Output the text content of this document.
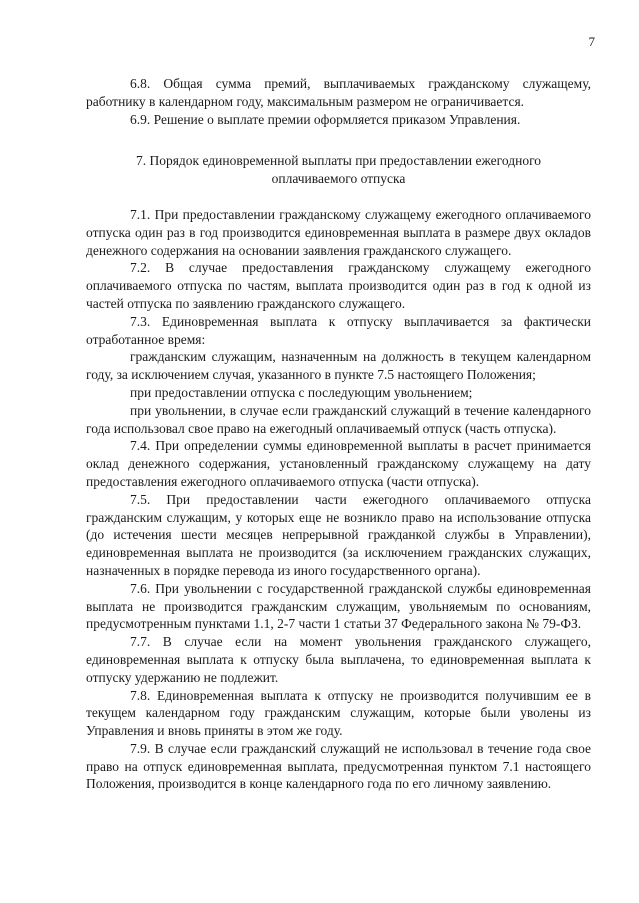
7

6.8. Общая сумма премий, выплачиваемых гражданскому служащему, работнику в календарном году, максимальным размером не ограничивается.

6.9. Решение о выплате премии оформляется приказом Управления.

7. Порядок единовременной выплаты при предоставлении ежегодного
оплачиваемого отпуска

7.1. При предоставлении гражданскому служащему ежегодного оплачиваемого отпуска один раз в год производится единовременная выплата в размере двух окладов денежного содержания на основании заявления гражданского служащего.

7.2. В случае предоставления гражданскому служащему ежегодного оплачиваемого отпуска по частям, выплата производится один раз в год к одной из частей отпуска по заявлению гражданского служащего.

7.3. Единовременная выплата к отпуску выплачивается за фактически отработанное время:

гражданским служащим, назначенным на должность в текущем календарном году, за исключением случая, указанного в пункте 7.5 настоящего Положения;

при предоставлении отпуска с последующим увольнением;

при увольнении, в случае если гражданский служащий в течение календарного года использовал свое право на ежегодный оплачиваемый отпуск (часть отпуска).

7.4. При определении суммы единовременной выплаты в расчет принимается оклад денежного содержания, установленный гражданскому служащему на дату предоставления ежегодного оплачиваемого отпуска (части отпуска).

7.5. При предоставлении части ежегодного оплачиваемого отпуска гражданским служащим, у которых еще не возникло право на использование отпуска (до истечения шести месяцев непрерывной гражданкой службы в Управлении), единовременная выплата не производится (за исключением гражданских служащих, назначенных в порядке перевода из иного государственного органа).

7.6. При увольнении с государственной гражданской службы единовременная выплата не производится гражданским служащим, увольняемым по основаниям, предусмотренным пунктами 1.1, 2-7 части 1 статьи 37 Федерального закона № 79-ФЗ.

7.7. В случае если на момент увольнения гражданского служащего, единовременная выплата к отпуску была выплачена, то единовременная выплата к отпуску удержанию не подлежит.

7.8. Единовременная выплата к отпуску не производится получившим ее в текущем календарном году гражданским служащим, которые были уволены из Управления и вновь приняты в этом же году.

7.9. В случае если гражданский служащий не использовал в течение года свое право на отпуск единовременная выплата, предусмотренная пунктом 7.1 настоящего Положения, производится в конце календарного года по его личному заявлению.
